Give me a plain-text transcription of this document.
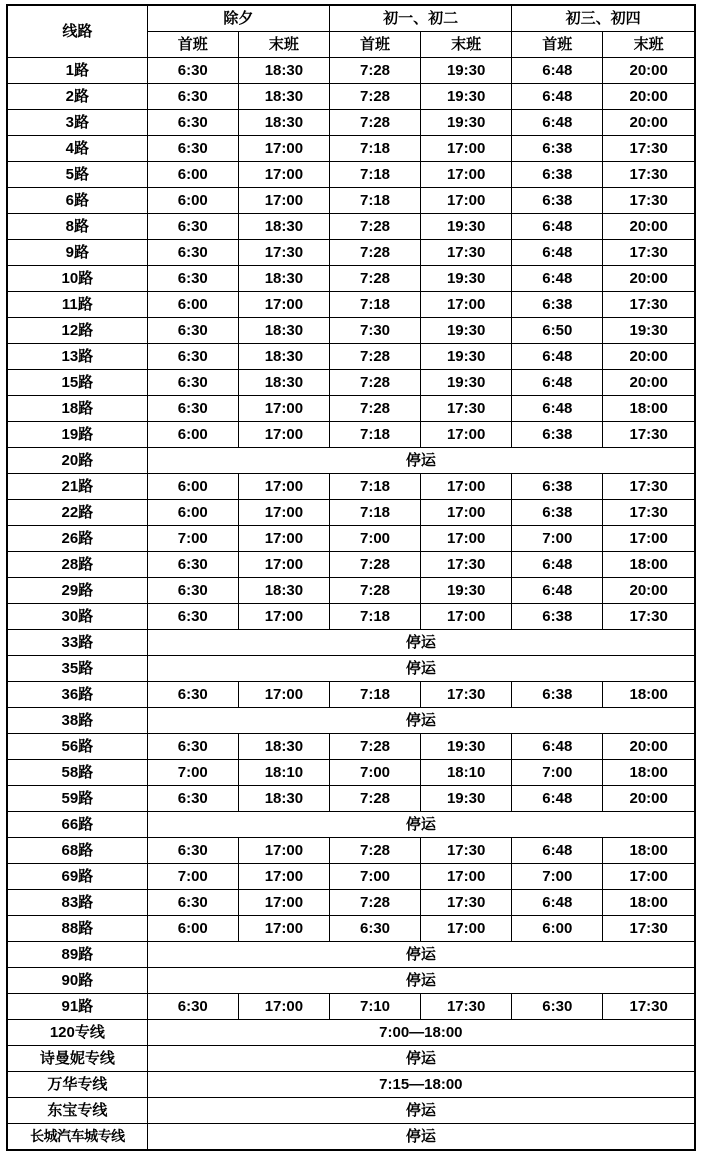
线路	除夕		初一、初二		初三、初四	
	首班	末班	首班	末班	首班	末班
1路	6:30	18:30	7:28	19:30	6:48	20:00
2路	6:30	18:30	7:28	19:30	6:48	20:00
3路	6:30	18:30	7:28	19:30	6:48	20:00
4路	6:30	17:00	7:18	17:00	6:38	17:30
5路	6:00	17:00	7:18	17:00	6:38	17:30
6路	6:00	17:00	7:18	17:00	6:38	17:30
8路	6:30	18:30	7:28	19:30	6:48	20:00
9路	6:30	17:30	7:28	17:30	6:48	17:30
10路	6:30	18:30	7:28	19:30	6:48	20:00
11路	6:00	17:00	7:18	17:00	6:38	17:30
12路	6:30	18:30	7:30	19:30	6:50	19:30
13路	6:30	18:30	7:28	19:30	6:48	20:00
15路	6:30	18:30	7:28	19:30	6:48	20:00
18路	6:30	17:00	7:28	17:30	6:48	18:00
19路	6:00	17:00	7:18	17:00	6:38	17:30
20路	停运					
21路	6:00	17:00	7:18	17:00	6:38	17:30
22路	6:00	17:00	7:18	17:00	6:38	17:30
26路	7:00	17:00	7:00	17:00	7:00	17:00
28路	6:30	17:00	7:28	17:30	6:48	18:00
29路	6:30	18:30	7:28	19:30	6:48	20:00
30路	6:30	17:00	7:18	17:00	6:38	17:30
33路	停运					
35路	停运					
36路	6:30	17:00	7:18	17:30	6:38	18:00
38路	停运					
56路	6:30	18:30	7:28	19:30	6:48	20:00
58路	7:00	18:10	7:00	18:10	7:00	18:00
59路	6:30	18:30	7:28	19:30	6:48	20:00
66路	停运					
68路	6:30	17:00	7:28	17:30	6:48	18:00
69路	7:00	17:00	7:00	17:00	7:00	17:00
83路	6:30	17:00	7:28	17:30	6:48	18:00
88路	6:00	17:00	6:30	17:00	6:00	17:30
89路	停运					
90路	停运					
91路	6:30	17:00	7:10	17:30	6:30	17:30
120专线	7:00—18:00					
诗曼妮专线	停运					
万华专线	7:15—18:00					
东宝专线	停运					
长城汽车城专线	停运					
